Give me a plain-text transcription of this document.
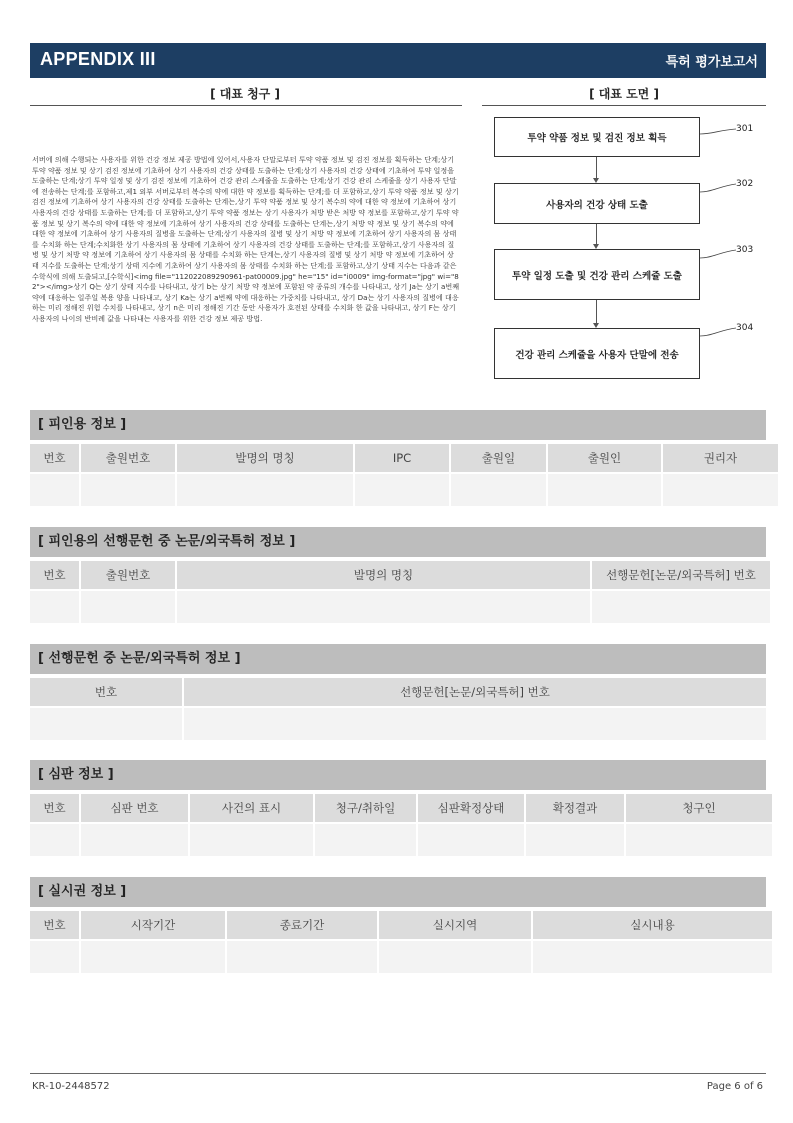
APPENDIX III	특허 평가보고서
[ 대표 청구 ]
서버에 의해 수행되는 사용자를 위한 건강 정보 제공 방법에 있어서,사용자 단말로부터 투약 약품 정보 및 검진 정보를 획득하는 단계;상기 투약 약품 정보 및 상기 검진 정보에 기초하여 상기 사용자의 건강 상태를 도출하는 단계;상기 사용자의 건강 상태에 기초하여 투약 일정을 도출하는 단계;상기 투약 일정 및 상기 검진 정보에 기초하여 건강 관리 스케줄을 도출하는 단계;상기 건강 관리 스케줄을 상기 사용자 단말에 전송하는 단계;를 포함하고,제1 외부 서버로부터 복수의 약에 대한 약 정보를 획득하는 단계;를 더 포함하고,상기 투약 약품 정보 및 상기 검진 정보에 기초하여 상기 사용자의 건강 상태를 도출하는 단계는,상기 투약 약품 정보 및 상기 복수의 약에 대한 약 정보에 기초하여 상기 사용자의 건강 상태를 도출하는 단계;를 더 포함하고,상기 투약 약품 정보는 상기 사용자가 처방 받은 처방 약 정보를 포함하고,상기 투약 약품 정보 및 상기 복수의 약에 대한 약 정보에 기초하여 상기 사용자의 건강 상태를 도출하는 단계는,상기 처방 약 정보 및 상기 복수의 약에 대한 약 정보에 기초하여 상기 사용자의 질병을 도출하는 단계;상기 사용자의 질병 및 상기 처방 약 정보에 기초하여 상기 사용자의 몸 상태를 수치화 하는 단계;수치화한 상기 사용자의 몸 상태에 기초하여 상기 사용자의 건강 상태를 도출하는 단계;를 포함하고,상기 사용자의 질병 및 상기 처방 약 정보에 기초하여 상기 사용자의 몸 상태를 수치화 하는 단계는,상기 사용자의 질병 및 상기 처방 약 정보에 기초하여 상태 지수를 도출하는 단계;상기 상태 지수에 기초하여 상기 사용자의 몸 상태를 수치화 하는 단계;를 포함하고,상기 상태 지수는 다음과 같은 수학식에 의해 도출되고,[수학식]<img file="112022089290961-pat00009.jpg" he="15" id="i0009" img-format="jpg" wi="82"></img>상기 Q는 상기 상태 지수를 나타내고, 상기 b는 상기 처방 약 정보에 포함된 약 종류의 개수를 나타내고, 상기 Ja는 상기 a번째 약에 대응하는 일주일 복용 양을 나타내고, 상기 Ka는 상기 a번째 약에 대응하는 가중치를 나타내고, 상기 Da는 상기 사용자의 질병에 대응하는 미리 정해진 위험 수치를 나타내고, 상기 n은 미리 정해진 기간 동안 사용자가 호전된 상태를 수치화 한 값을 나타내고, 상기 F는 상기 사용자의 나이의 반비례 값을 나타내는 사용자를 위한 건강 정보 제공 방법.
[ 대표 도면 ]
투약 약품 정보 및 검진 정보 획득
사용자의 건강 상태 도출
투약 일정 도출 및 건강 관리 스케쥴 도출
건강 관리 스케쥴을 사용자 단말에 전송
301
302
303
304
[ 피인용 정보 ]
번호	출원번호	발명의 명칭	IPC	출원일	출원인	권리자

[ 피인용의 선행문헌 중 논문/외국특허 정보 ]
번호	출원번호	발명의 명칭	선행문헌[논문/외국특허] 번호

[ 선행문헌 중 논문/외국특허 정보 ]
번호	선행문헌[논문/외국특허] 번호

[ 심판 정보 ]
번호	심판 번호	사건의 표시	청구/취하일	심판확정상태	확정결과	청구인

[ 실시권 정보 ]
번호	시작기간	종료기간	실시지역	실시내용

KR-10-2448572	Page 6 of 6
